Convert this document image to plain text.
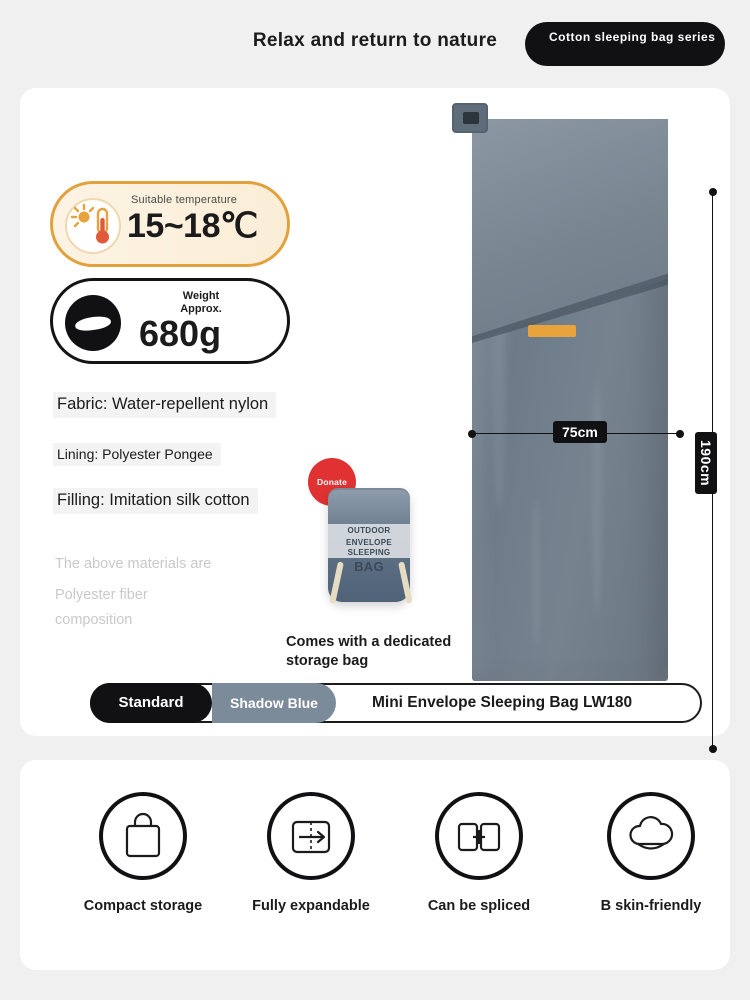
Relax and return to nature	Cotton sleeping bag series
75cm
190cm
Suitable temperature
15~18℃
Weight
Approx.
680g
Fabric: Water-repellent nylon
Lining: Polyester Pongee
Filling: Imitation silk cotton
The above materials are
Polyester fiber
composition
Donate
OUTDOOR
ENVELOPE SLEEPING
BAG
Comes with a dedicated
storage bag
Standard	Shadow Blue	Mini Envelope Sleeping Bag LW180
Compact storage	Fully expandable	Can be spliced	B skin-friendly
